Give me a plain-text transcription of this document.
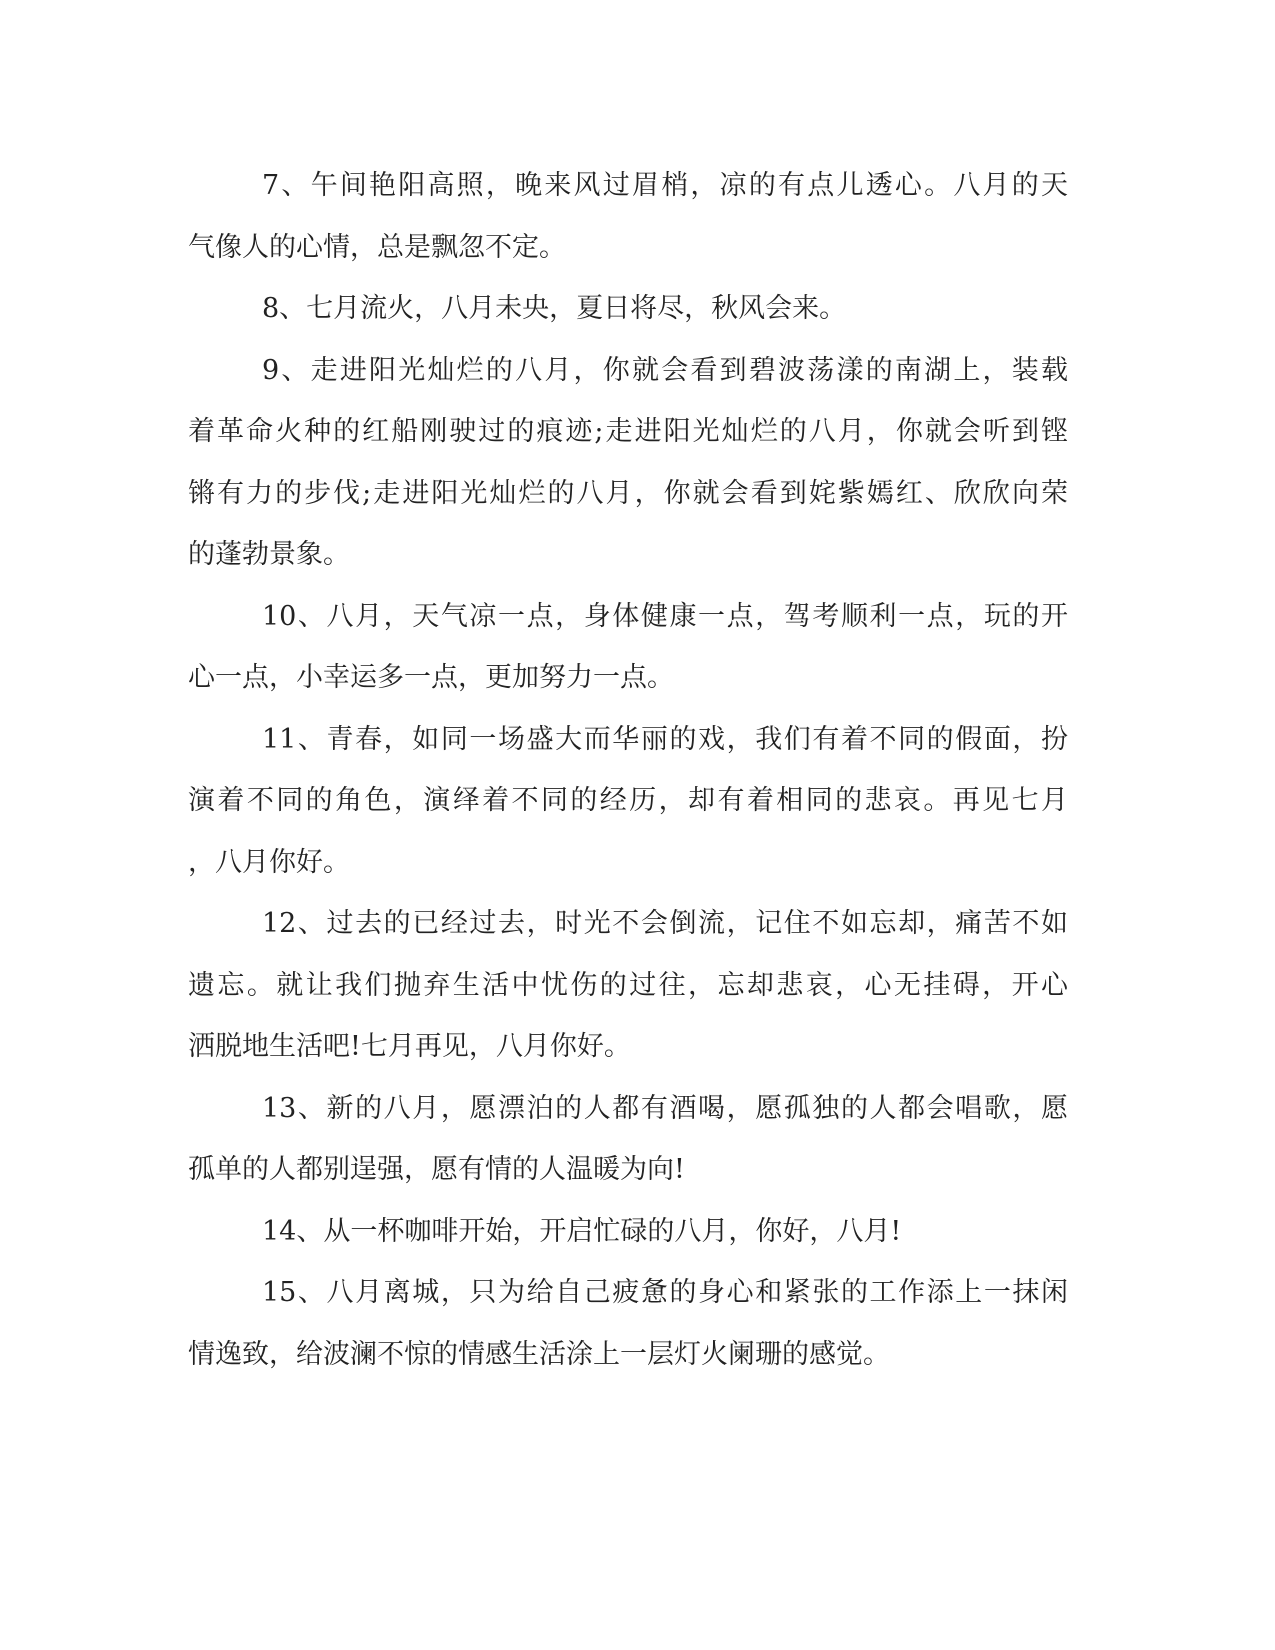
7、午间艳阳高照，晚来风过眉梢，凉的有点儿透心。八月的天
气像人的心情，总是飘忽不定。
8、七月流火，八月未央，夏日将尽，秋风会来。
9、走进阳光灿烂的八月，你就会看到碧波荡漾的南湖上，装载
着革命火种的红船刚驶过的痕迹;走进阳光灿烂的八月，你就会听到铿
锵有力的步伐;走进阳光灿烂的八月，你就会看到姹紫嫣红、欣欣向荣
的蓬勃景象。
10、八月，天气凉一点，身体健康一点，驾考顺利一点，玩的开
心一点，小幸运多一点，更加努力一点。
11、青春，如同一场盛大而华丽的戏，我们有着不同的假面，扮
演着不同的角色，演绎着不同的经历，却有着相同的悲哀。再见七月
，八月你好。
12、过去的已经过去，时光不会倒流，记住不如忘却，痛苦不如
遗忘。就让我们抛弃生活中忧伤的过往，忘却悲哀，心无挂碍，开心
洒脱地生活吧!七月再见，八月你好。
13、新的八月，愿漂泊的人都有酒喝，愿孤独的人都会唱歌，愿
孤单的人都别逞强，愿有情的人温暖为向!
14、从一杯咖啡开始，开启忙碌的八月，你好，八月!
15、八月离城，只为给自己疲惫的身心和紧张的工作添上一抹闲
情逸致，给波澜不惊的情感生活涂上一层灯火阑珊的感觉。
